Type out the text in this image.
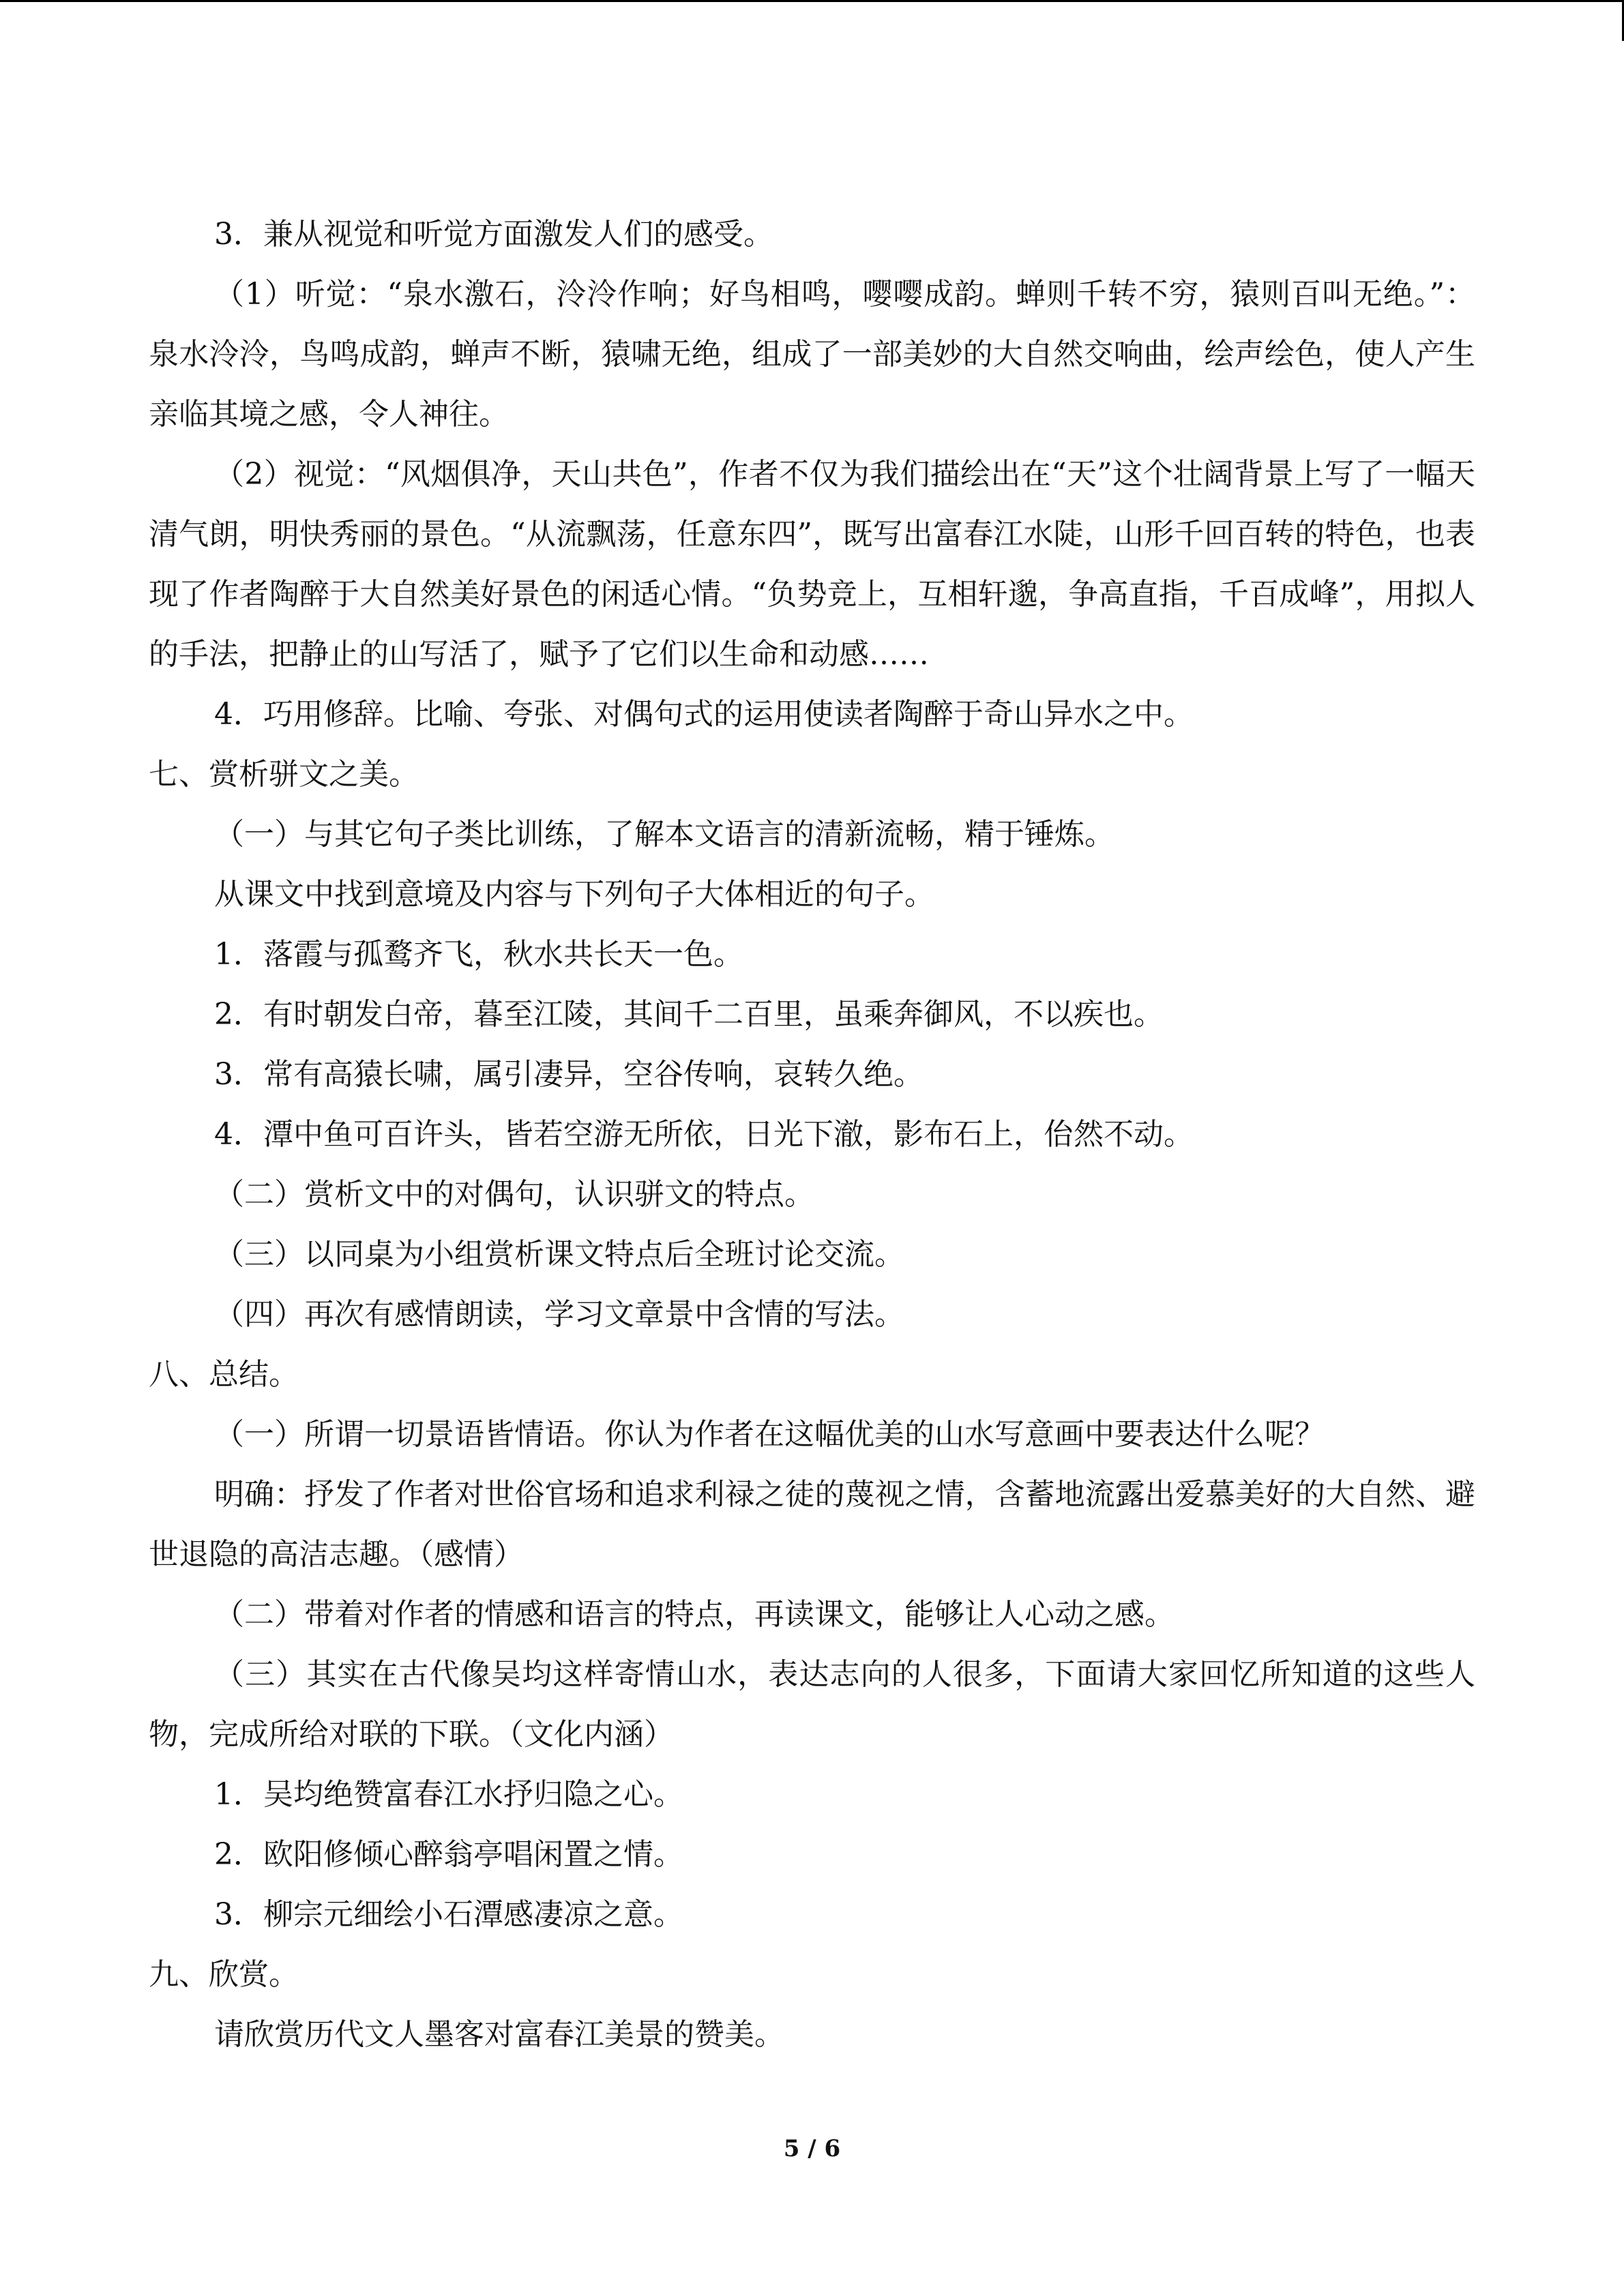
3．兼从视觉和听觉方面激发人们的感受。

（1）听觉：“泉水激石，泠泠作响；好鸟相鸣，嘤嘤成韵。蝉则千转不穷，猿则百叫无绝。”：泉水泠泠，鸟鸣成韵，蝉声不断，猿啸无绝，组成了一部美妙的大自然交响曲，绘声绘色，使人产生亲临其境之感，令人神往。

（2）视觉：“风烟俱净，天山共色”，作者不仅为我们描绘出在“天”这个壮阔背景上写了一幅天清气朗，明快秀丽的景色。“从流飘荡，任意东四”，既写出富春江水陡，山形千回百转的特色，也表现了作者陶醉于大自然美好景色的闲适心情。“负势竞上，互相轩邈，争高直指，千百成峰”，用拟人的手法，把静止的山写活了，赋予了它们以生命和动感……

4．巧用修辞。比喻、夸张、对偶句式的运用使读者陶醉于奇山异水之中。

七、赏析骈文之美。

（一）与其它句子类比训练，了解本文语言的清新流畅，精于锤炼。

从课文中找到意境及内容与下列句子大体相近的句子。

1．落霞与孤鹜齐飞，秋水共长天一色。

2．有时朝发白帝，暮至江陵，其间千二百里，虽乘奔御风，不以疾也。

3．常有高猿长啸，属引凄异，空谷传响，哀转久绝。

4．潭中鱼可百许头，皆若空游无所依，日光下澈，影布石上，佁然不动。

（二）赏析文中的对偶句，认识骈文的特点。

（三）以同桌为小组赏析课文特点后全班讨论交流。

（四）再次有感情朗读，学习文章景中含情的写法。

八、总结。

（一）所谓一切景语皆情语。你认为作者在这幅优美的山水写意画中要表达什么呢？

明确：抒发了作者对世俗官场和追求利禄之徒的蔑视之情，含蓄地流露出爱慕美好的大自然、避世退隐的高洁志趣。（感情）

（二）带着对作者的情感和语言的特点，再读课文，能够让人心动之感。

（三）其实在古代像吴均这样寄情山水，表达志向的人很多，下面请大家回忆所知道的这些人物，完成所给对联的下联。（文化内涵）

1．吴均绝赞富春江水抒归隐之心。

2．欧阳修倾心醉翁亭唱闲置之情。

3．柳宗元细绘小石潭感凄凉之意。

九、欣赏。

请欣赏历代文人墨客对富春江美景的赞美。

5 / 6
